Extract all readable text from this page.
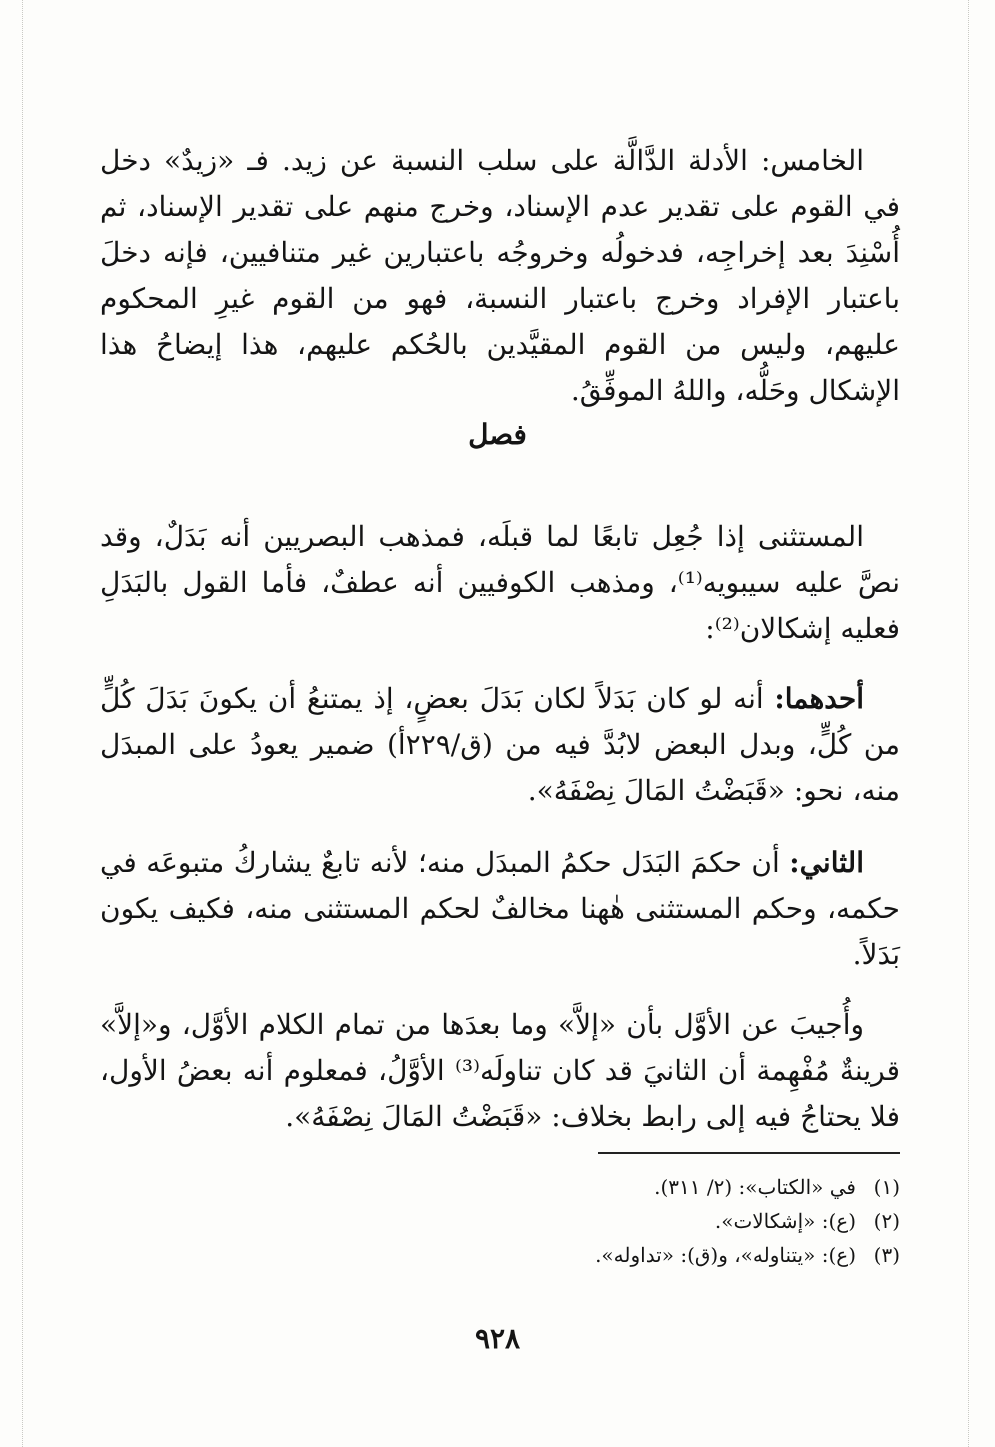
الخامس: الأدلة الدَّالَّة على سلب النسبة عن زيد. فـ «زيدٌ» دخل في القوم على تقدير عدم الإسناد، وخرج منهم على تقدير الإسناد، ثم أُسْنِدَ بعد إخراجِه، فدخولُه وخروجُه باعتبارين غير متنافيين، فإنه دخلَ باعتبار الإفراد وخرج باعتبار النسبة، فهو من القوم غيرِ المحكوم عليهم، وليس من القوم المقيَّدين بالحُكم عليهم، هذا إيضاحُ هذا الإشكال وحَلُّه، واللهُ الموفِّقُ.

فصل

المستثنى إذا جُعِل تابعًا لما قبلَه، فمذهب البصريين أنه بَدَلٌ، وقد نصَّ عليه سيبويه⁽¹⁾، ومذهب الكوفيين أنه عطفٌ، فأما القول بالبَدَلِ فعليه إشكالان⁽²⁾:

أحدهما: أنه لو كان بَدَلاً لكان بَدَلَ بعضٍ، إذ يمتنعُ أن يكونَ بَدَلَ كُلٍّ من كُلٍّ، وبدل البعض لابُدَّ فيه من (ق/٢٢٩أ) ضمير يعودُ على المبدَل منه، نحو: «قَبَضْتُ المَالَ نِصْفَهُ».

الثاني: أن حكمَ البَدَل حكمُ المبدَل منه؛ لأنه تابعٌ يشاركُ متبوعَه في حكمه، وحكم المستثنى هٰهنا مخالفٌ لحكم المستثنى منه، فكيف يكون بَدَلاً.

وأُجيبَ عن الأوَّل بأن «إلاَّ» وما بعدَها من تمام الكلام الأوَّل، و«إلاَّ» قرينةٌ مُفْهِمة أن الثانيَ قد كان تناولَه⁽³⁾ الأوَّلُ، فمعلوم أنه بعضُ الأول، فلا يحتاجُ فيه إلى رابط بخلاف: «قَبَضْتُ المَالَ نِصْفَهُ».

(١)في «الكتاب»: (٢/ ٣١١).
(٢)(ع): «إشكالات».
(٣)(ع): «يتناوله»، و(ق): «تداوله».
٩٢٨
